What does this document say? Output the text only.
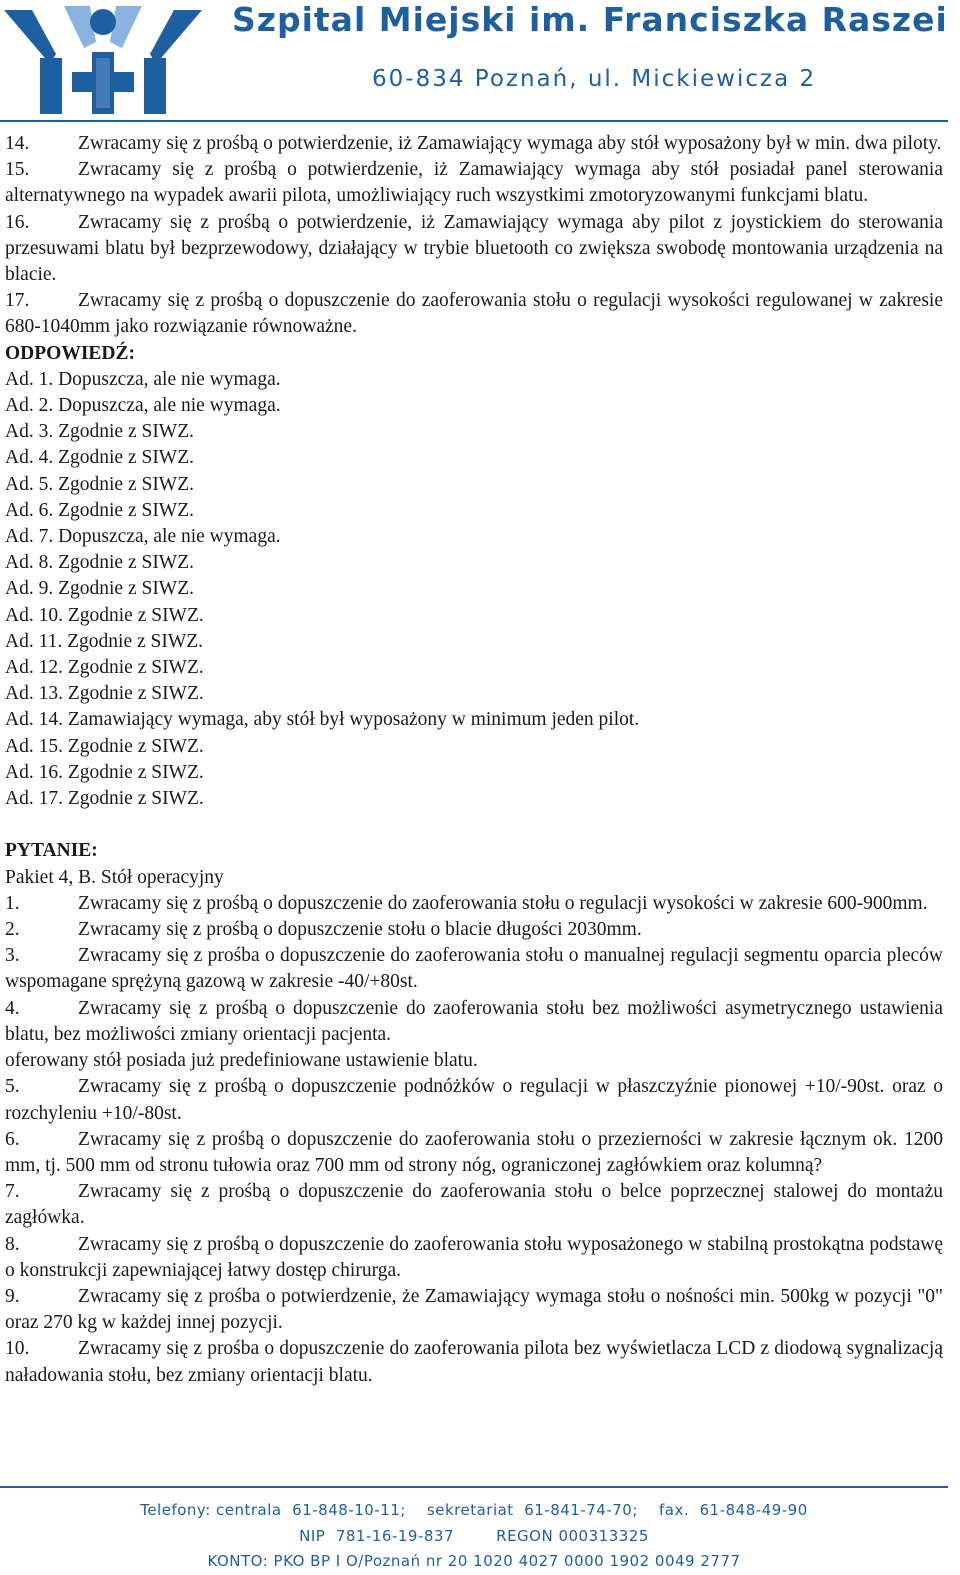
Szpital Miejski im. Franciszka Raszei
60-834 Poznań, ul. Mickiewicza 2

14. Zwracamy się z prośbą o potwierdzenie, iż Zamawiający wymaga aby stół wyposażony był w min. dwa piloty.

15. Zwracamy się z prośbą o potwierdzenie, iż Zamawiający wymaga aby stół posiadał panel sterowania alternatywnego na wypadek awarii pilota, umożliwiający ruch wszystkimi zmotoryzowanymi funkcjami blatu.

16. Zwracamy się z prośbą o potwierdzenie, iż Zamawiający wymaga aby pilot z joystickiem do sterowania przesuwami blatu był bezprzewodowy, działający w trybie bluetooth co zwiększa swobodę montowania urządzenia na blacie.

17. Zwracamy się z prośbą o dopuszczenie do zaoferowania stołu o regulacji wysokości regulowanej w zakresie 680-1040mm jako rozwiązanie równoważne.

ODPOWIEDŹ:

Ad. 1. Dopuszcza, ale nie wymaga.

Ad. 2. Dopuszcza, ale nie wymaga.

Ad. 3. Zgodnie z SIWZ.

Ad. 4. Zgodnie z SIWZ.

Ad. 5. Zgodnie z SIWZ.

Ad. 6. Zgodnie z SIWZ.

Ad. 7. Dopuszcza, ale nie wymaga.

Ad. 8. Zgodnie z SIWZ.

Ad. 9. Zgodnie z SIWZ.

Ad. 10. Zgodnie z SIWZ.

Ad. 11. Zgodnie z SIWZ.

Ad. 12. Zgodnie z SIWZ.

Ad. 13. Zgodnie z SIWZ.

Ad. 14. Zamawiający wymaga, aby stół był wyposażony w minimum jeden pilot.

Ad. 15. Zgodnie z SIWZ.

Ad. 16. Zgodnie z SIWZ.

Ad. 17. Zgodnie z SIWZ.

PYTANIE:

Pakiet 4, B. Stół operacyjny

1.	Zwracamy się z prośbą o dopuszczenie do zaoferowania stołu o regulacji wysokości w zakresie 600-900mm.

2.	Zwracamy się z prośbą o dopuszczenie stołu o blacie długości 2030mm.

3.	Zwracamy się z prośba o dopuszczenie do zaoferowania stołu o manualnej regulacji segmentu oparcia pleców wspomagane sprężyną gazową w zakresie -40/+80st.

4.	Zwracamy się z prośbą o dopuszczenie do zaoferowania stołu bez możliwości asymetrycznego ustawienia blatu, bez możliwości zmiany orientacji pacjenta.

oferowany stół posiada już predefiniowane ustawienie blatu.

5.	Zwracamy się z prośbą o dopuszczenie podnóżków o regulacji w płaszczyźnie pionowej +10/-90st. oraz o rozchyleniu +10/-80st.

6.	Zwracamy się z prośbą o dopuszczenie do zaoferowania stołu o przezierności w zakresie łącznym ok. 1200 mm, tj. 500 mm od stronu tułowia oraz 700 mm od strony nóg, ograniczonej zagłówkiem oraz kolumną?

7.	Zwracamy się z prośbą o dopuszczenie do zaoferowania stołu o belce poprzecznej stalowej do montażu zagłówka.

8.	Zwracamy się z prośbą o dopuszczenie do zaoferowania stołu wyposażonego w stabilną prostokątna podstawę o konstrukcji zapewniającej łatwy dostęp chirurga.

9.	Zwracamy się z prośba o potwierdzenie, że Zamawiający wymaga stołu o nośności min. 500kg w pozycji "0" oraz 270 kg w każdej innej pozycji.

10. Zwracamy się z prośba o dopuszczenie do zaoferowania pilota bez wyświetlacza LCD z diodową sygnalizacją naładowania stołu, bez zmiany orientacji blatu.

Telefony: centrala  61-848-10-11;    sekretariat  61-841-74-70;    fax.  61-848-49-90
NIP  781-16-19-837        REGON 000313325
KONTO: PKO BP I O/Poznań nr 20 1020 4027 0000 1902 0049 2777
